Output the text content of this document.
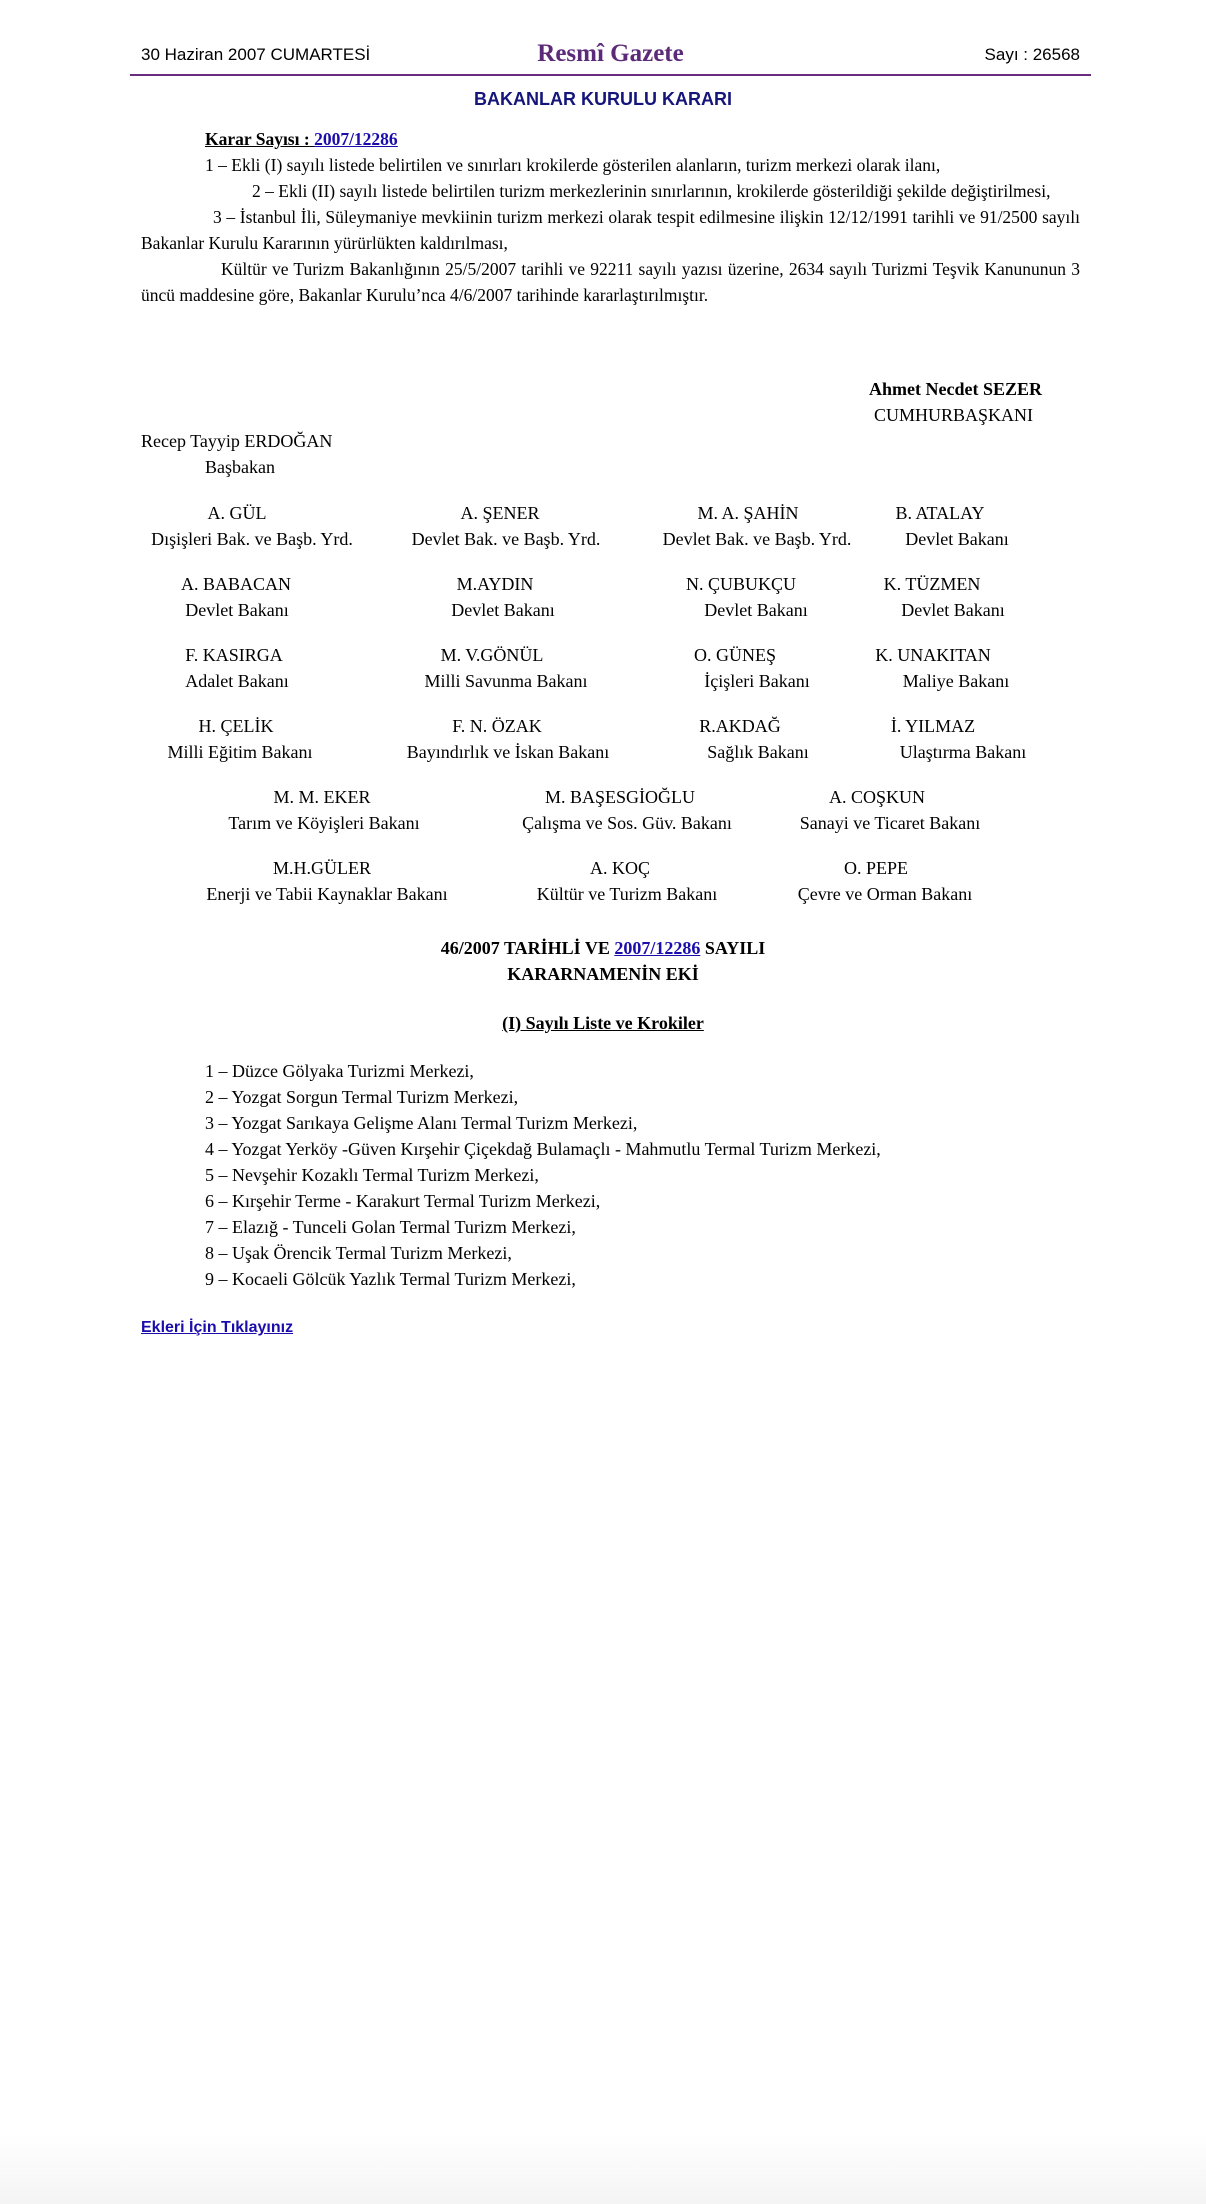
30 Haziran 2007 CUMARTESİ	Resmî Gazete	Sayı : 26568
BAKANLAR KURULU KARARI

Karar Sayısı : 2007/12286

1 – Ekli (I) sayılı listede belirtilen ve sınırları krokilerde gösterilen alanların, turizm merkezi olarak ilanı,

2 – Ekli (II) sayılı listede belirtilen turizm merkezlerinin sınırlarının, krokilerde gösterildiği şekilde değiştirilmesi,

3 – İstanbul İli, Süleymaniye mevkiinin turizm merkezi olarak tespit edilmesine ilişkin 12/12/1991 tarihli ve 91/2500 sayılı Bakanlar Kurulu Kararının yürürlükten kaldırılması,

Kültür ve Turizm Bakanlığının 25/5/2007 tarihli ve 92211 sayılı yazısı üzerine, 2634 sayılı Turizmi Teşvik Kanununun 3 üncü maddesine göre, Bakanlar Kurulu’nca 4/6/2007 tarihinde kararlaştırılmıştır.

Ahmet Necdet SEZER
CUMHURBAŞKANI
Recep Tayyip ERDOĞAN
Başbakan
A. GÜL
Dışişleri Bak. ve Başb. Yrd.
A. ŞENER
Devlet Bak. ve Başb. Yrd.
M. A. ŞAHİN
Devlet Bak. ve Başb. Yrd.
B. ATALAY
Devlet Bakanı
A. BABACAN
Devlet Bakanı
M.AYDIN
Devlet Bakanı
N. ÇUBUKÇU
Devlet Bakanı
K. TÜZMEN
Devlet Bakanı
F. KASIRGA
Adalet Bakanı
M. V.GÖNÜL
Milli Savunma Bakanı
O. GÜNEŞ
İçişleri Bakanı
K. UNAKITAN
Maliye Bakanı
H. ÇELİK
Milli Eğitim Bakanı
F. N. ÖZAK
Bayındırlık ve İskan Bakanı
R.AKDAĞ
Sağlık Bakanı
İ. YILMAZ
Ulaştırma Bakanı
M. M. EKER
Tarım ve Köyişleri Bakanı
M. BAŞESGİOĞLU
Çalışma ve Sos. Güv. Bakanı
A. COŞKUN
Sanayi ve Ticaret Bakanı
M.H.GÜLER
Enerji ve Tabii Kaynaklar Bakanı
A. KOÇ
Kültür ve Turizm Bakanı
O. PEPE
Çevre ve Orman Bakanı
46/2007 TARİHLİ VE 2007/12286 SAYILI
KARARNAMENİN EKİ
(I) Sayılı Liste ve Krokiler
1 – Düzce Gölyaka Turizmi Merkezi,
2 – Yozgat Sorgun Termal Turizm Merkezi,
3 – Yozgat Sarıkaya Gelişme Alanı Termal Turizm Merkezi,
4 – Yozgat Yerköy -Güven Kırşehir Çiçekdağ Bulamaçlı - Mahmutlu Termal Turizm Merkezi,
5 – Nevşehir Kozaklı Termal Turizm Merkezi,
6 – Kırşehir Terme - Karakurt Termal Turizm Merkezi,
7 – Elazığ - Tunceli Golan Termal Turizm Merkezi,
8 – Uşak Örencik Termal Turizm Merkezi,
9 – Kocaeli Gölcük Yazlık Termal Turizm Merkezi,
Ekleri İçin Tıklayınız
